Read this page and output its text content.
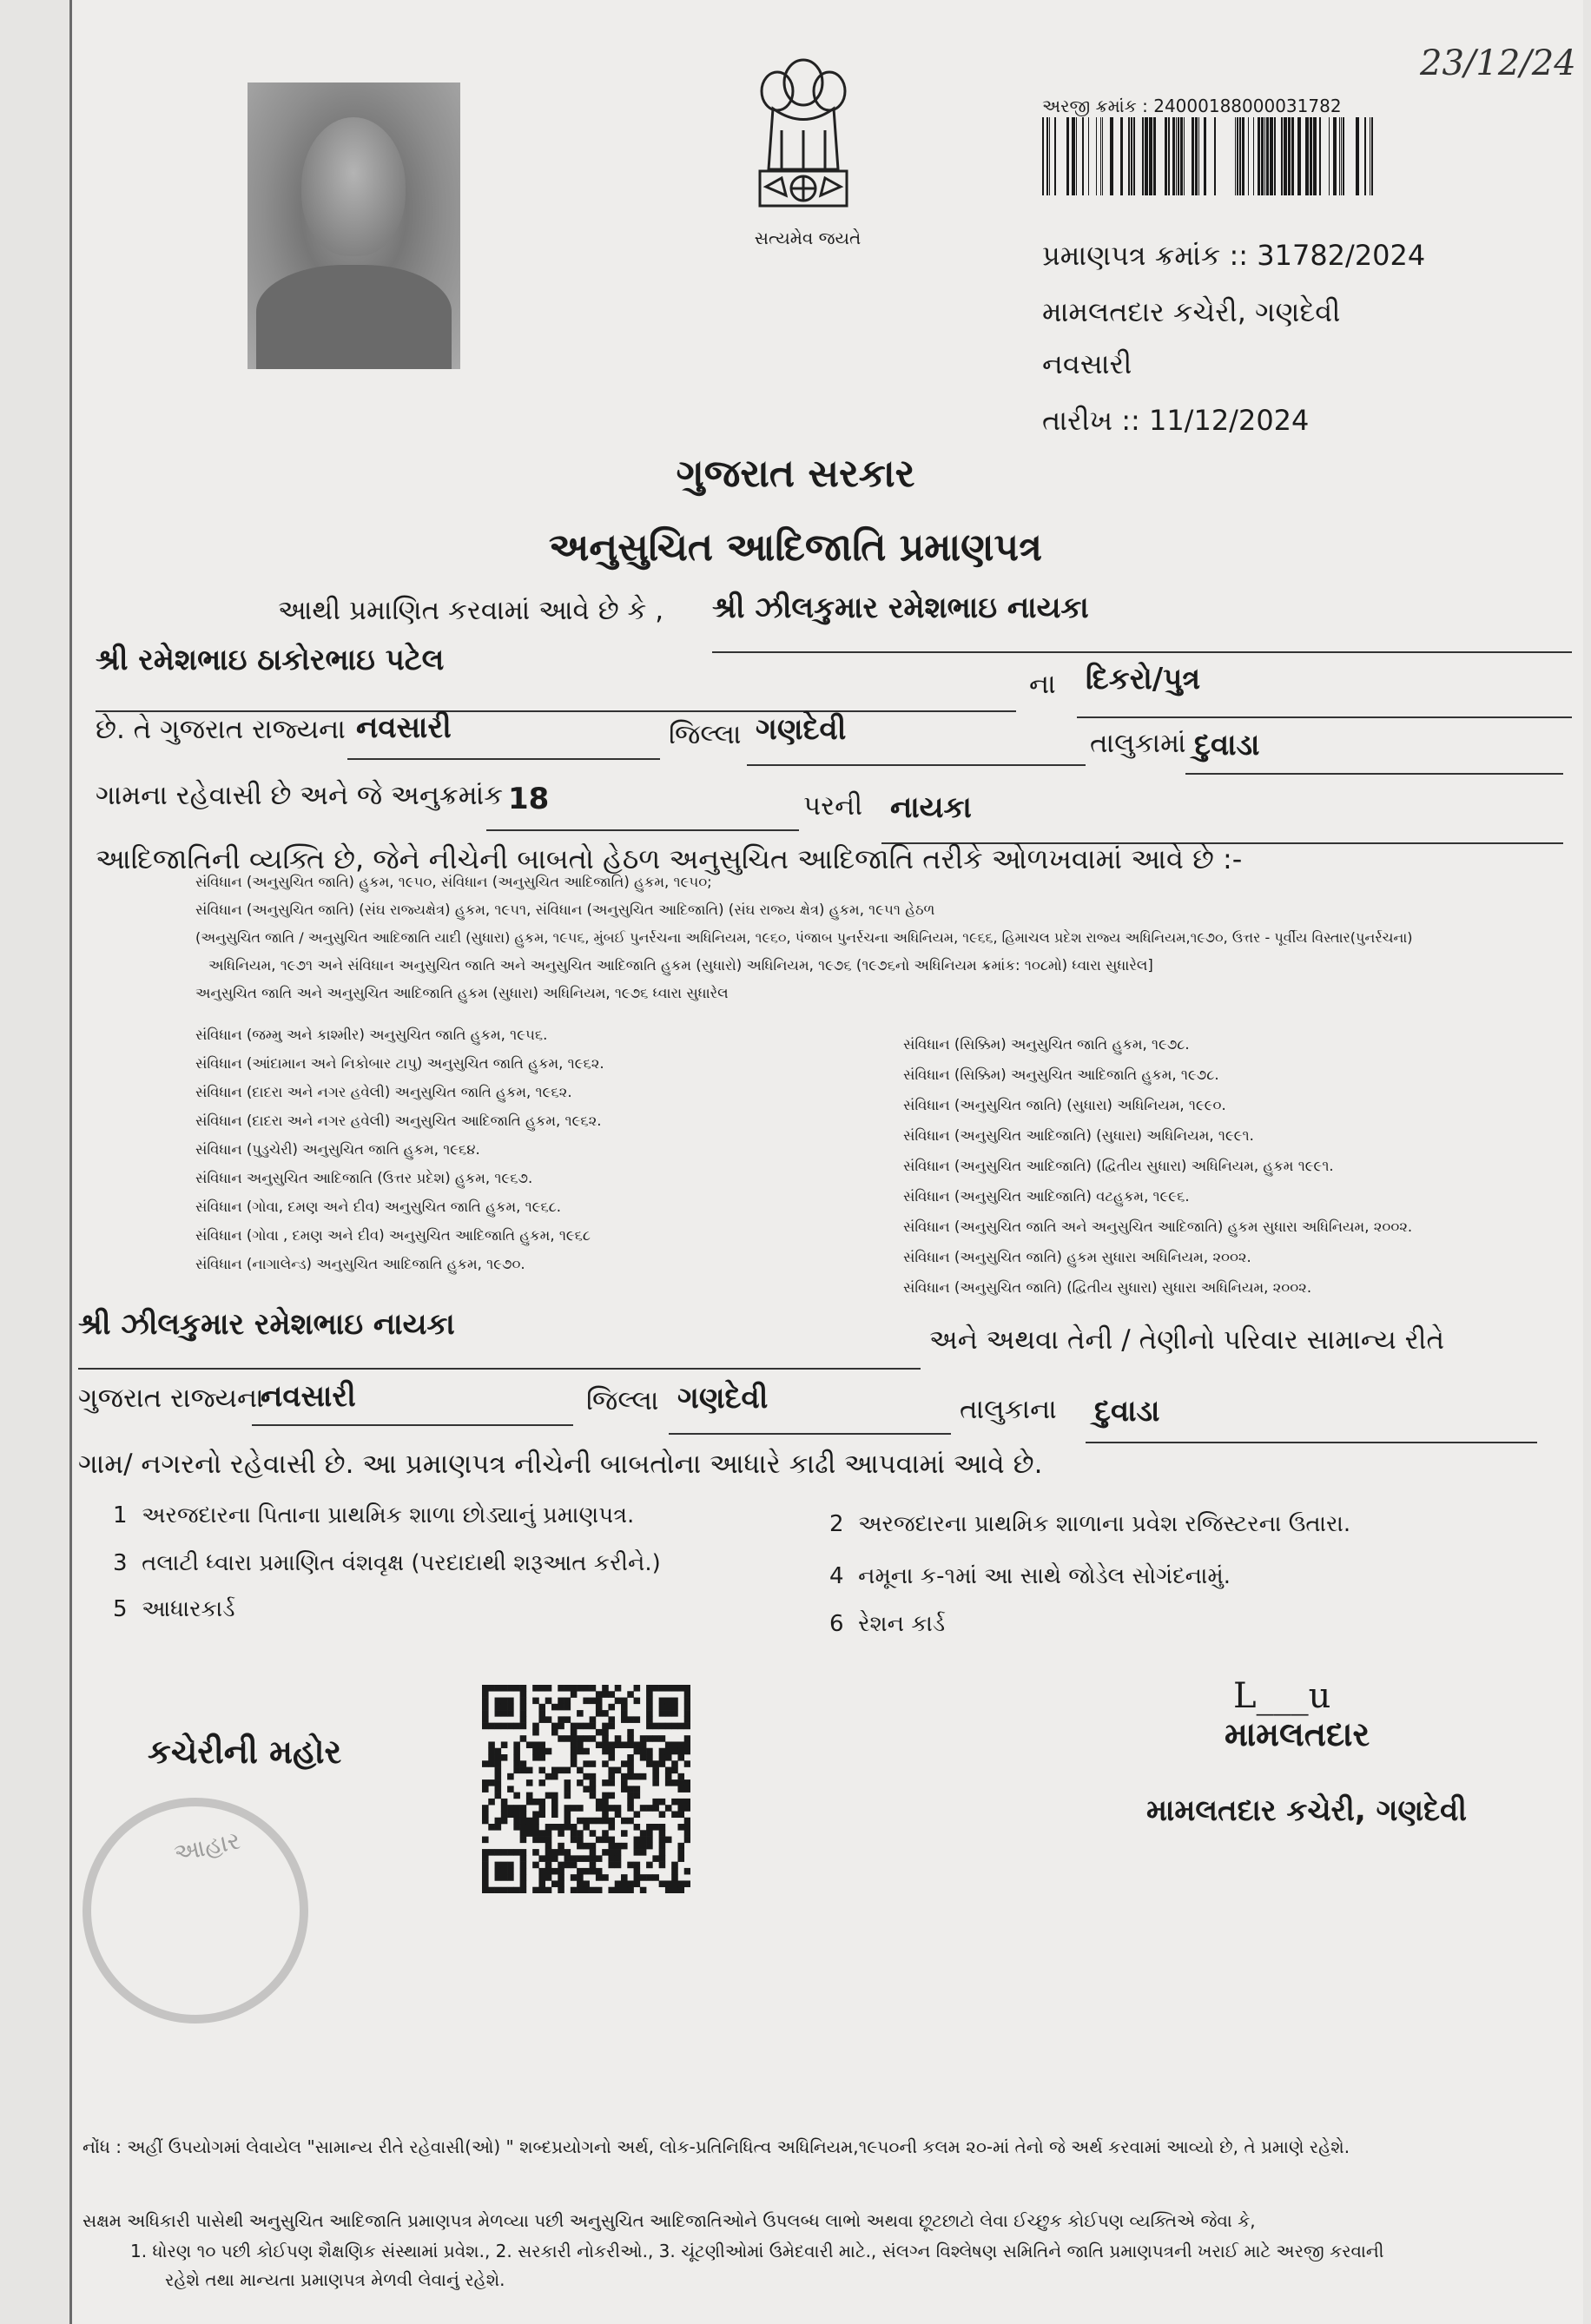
સત્યમેવ જયતે
અરજી ક્રમાંક : 24000188000031782
23/12/24
પ્રમાણપત્ર ક્રમાંક :: 31782/2024
મામલતદાર કચેરી, ગણદેવી
નવસારી
તારીખ :: 11/12/2024
ગુજરાત સરકાર
અનુસુચિત આદિજાતિ પ્રમાણપત્ર
આથી પ્રમાણિત કરવામાં આવે છે કે , શ્રી ઝીલકુમાર રમેશભાઇ નાયકા
શ્રી રમેશભાઇ ઠાકોરભાઇ પટેલ
ના દિકરો/પુત્ર
છે. તે ગુજરાત રાજ્યના નવસારી	જિલ્લા ગણદેવી	તાલુકામાં દુવાડા
ગામના રહેવાસી છે અને જે અનુક્રમાંક 18	પરની નાયકા
આદિજાતિની વ્યક્તિ છે, જેને નીચેની બાબતો હેઠળ અનુસુચિત આદિજાતિ તરીકે ઓળખવામાં આવે છે :-
સંવિધાન (અનુસુચિત જાતિ) હુકમ, ૧૯૫૦, સંવિધાન (અનુસુચિત આદિજાતિ) હુકમ, ૧૯૫૦;
સંવિધાન (અનુસુચિત જાતિ) (સંઘ રાજ્યક્ષેત્ર) હુકમ, ૧૯૫૧, સંવિધાન (અનુસુચિત આદિજાતિ) (સંઘ રાજ્ય ક્ષેત્ર) હુકમ, ૧૯૫૧ હેઠળ
(અનુસુચિત જાતિ / અનુસુચિત આદિજાતિ યાદી (સુધારા) હુકમ, ૧૯૫૬, મુંબઈ પુનર્રચના અધિનિયમ, ૧૯૬૦, પંજાબ પુનર્રચના અધિનિયમ, ૧૯૬૬, હિમાચલ પ્રદેશ રાજ્ય અધિનિયમ,૧૯૭૦, ઉત્તર - પૂર્વીય વિસ્તાર(પુનર્રચના)
અધિનિયમ, ૧૯૭૧ અને સંવિધાન અનુસુચિત જાતિ અને અનુસુચિત આદિજાતિ હુકમ (સુધારો) અધિનિયમ, ૧૯૭૬ (૧૯૭૬નો અધિનિયમ ક્રમાંક: ૧૦૮મો) ધ્વારા સુધારેલ]
અનુસુચિત જાતિ અને અનુસુચિત આદિજાતિ હુકમ (સુધારા) અધિનિયમ, ૧૯૭૬ ધ્વારા સુધારેલ
સંવિધાન (જમ્મુ અને કાશ્મીર) અનુસુચિત જાતિ હુકમ, ૧૯૫૬.
સંવિધાન (આંદામાન અને નિકોબાર ટાપુ) અનુસુચિત જાતિ હુકમ, ૧૯૬૨.
સંવિધાન (દાદરા અને નગર હવેલી) અનુસુચિત જાતિ હુકમ, ૧૯૬૨.
સંવિધાન (દાદરા અને નગર હવેલી) અનુસુચિત આદિજાતિ હુકમ, ૧૯૬૨.
સંવિધાન (પુડુચેરી) અનુસુચિત જાતિ હુકમ, ૧૯૬૪.
સંવિધાન અનુસુચિત આદિજાતિ (ઉત્તર પ્રદેશ) હુકમ, ૧૯૬૭.
સંવિધાન (ગોવા, દમણ અને દીવ) અનુસુચિત જાતિ હુકમ, ૧૯૬૮.
સંવિધાન (ગોવા , દમણ અને દીવ) અનુસુચિત આદિજાતિ હુકમ, ૧૯૬૮
સંવિધાન (નાગાલેન્ડ) અનુસુચિત આદિજાતિ હુકમ, ૧૯૭૦.
સંવિધાન (સિક્કિમ) અનુસુચિત જાતિ હુકમ, ૧૯૭૮.
સંવિધાન (સિક્કિમ) અનુસુચિત આદિજાતિ હુકમ, ૧૯૭૮.
સંવિધાન (અનુસુચિત જાતિ) (સુધારા) અધિનિયમ, ૧૯૯૦.
સંવિધાન (અનુસુચિત આદિજાતિ) (સુધારા) અધિનિયમ, ૧૯૯૧.
સંવિધાન (અનુસુચિત આદિજાતિ) (દ્વિતીય સુધારા) અધિનિયમ, હુકમ ૧૯૯૧.
સંવિધાન (અનુસુચિત આદિજાતિ) વટહુકમ, ૧૯૯૬.
સંવિધાન (અનુસુચિત જાતિ અને અનુસુચિત આદિજાતિ) હુકમ સુધારા અધિનિયમ, ૨૦૦૨.
સંવિધાન (અનુસુચિત જાતિ) હુકમ સુધારા અધિનિયમ, ૨૦૦૨.
સંવિધાન (અનુસુચિત જાતિ) (દ્વિતીય સુધારા) સુધારા અધિનિયમ, ૨૦૦૨.
શ્રી ઝીલકુમાર રમેશભાઇ નાયકા	અને અથવા તેની / તેણીનો પરિવાર સામાન્ય રીતે
ગુજરાત રાજ્યના
નવસારી	જિલ્લા ગણદેવી	તાલુકાના દુવાડા
ગામ/ નગરનો રહેવાસી છે. આ પ્રમાણપત્ર નીચેની બાબતોના આધારે કાઢી આપવામાં આવે છે.
1 અરજદારના પિતાના પ્રાથમિક શાળા છોડ્યાનું પ્રમાણપત્ર.	2 અરજદારના પ્રાથમિક શાળાના પ્રવેશ રજિસ્ટરના ઉતારા.
3 તલાટી ધ્વારા પ્રમાણિત વંશવૃક્ષ (પરદાદાથી શરૂઆત કરીને.)	4 નમૂના ક-૧માં આ સાથે જોડેલ સોગંદનામું.
5 આધારકાર્ડ
6 રેશન કાર્ડ
કચેરીની મહોર
આહાર
L___u
મામલતદાર
મામલતદાર કચેરી, ગણદેવી
નોંધ : અહીં ઉપયોગમાં લેવાયેલ "સામાન્ય રીતે રહેવાસી(ઓ) " શબ્દપ્રયોગનો અર્થ, લોક-પ્રતિનિધિત્વ અધિનિયમ,૧૯૫૦ની કલમ ૨૦-માં તેનો જે અર્થ કરવામાં આવ્યો છે, તે પ્રમાણે રહેશે.
સક્ષમ અધિકારી પાસેથી અનુસુચિત આદિજાતિ પ્રમાણપત્ર મેળવ્યા પછી અનુસુચિત આદિજાતિઓને ઉપલબ્ધ લાભો અથવા છૂટછાટો લેવા ઈચ્છુક કોઈપણ વ્યક્તિએ જેવા કે,
1. ધોરણ ૧૦ પછી કોઈપણ શૈક્ષણિક સંસ્થામાં પ્રવેશ., 2. સરકારી નોકરીઓ., 3. ચૂંટણીઓમાં ઉમેદવારી માટે., સંલગ્ન વિશ્લેષણ સમિતિને જાતિ પ્રમાણપત્રની ખરાઈ માટે અરજી કરવાની
રહેશે તથા માન્યતા પ્રમાણપત્ર મેળવી લેવાનું રહેશે.
